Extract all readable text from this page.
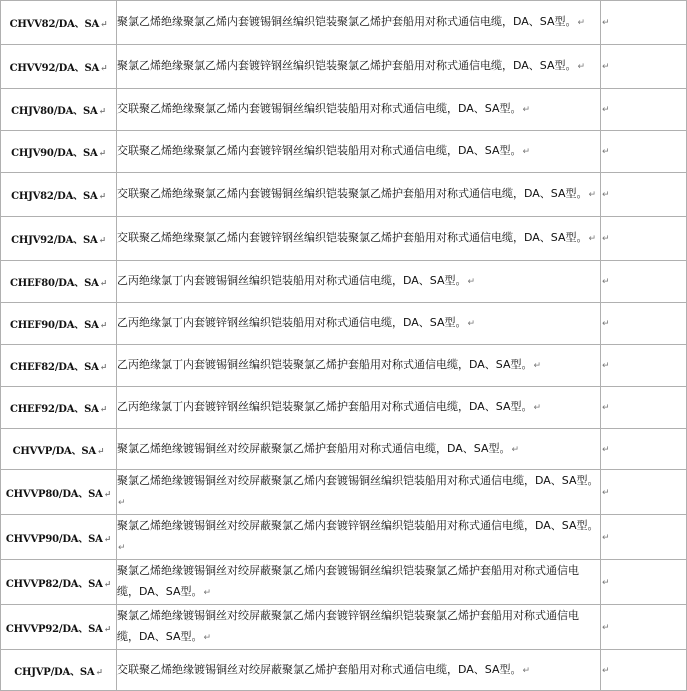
CHVV82/DA、SA↵	聚氯乙烯绝缘聚氯乙烯内套镀锡铜丝编织铠装聚氯乙烯护套船用对称式通信电缆，DA、SA型。↵	↵
CHVV92/DA、SA↵	聚氯乙烯绝缘聚氯乙烯内套镀锌钢丝编织铠装聚氯乙烯护套船用对称式通信电缆，DA、SA型。↵	↵
CHJV80/DA、SA↵	交联聚乙烯绝缘聚氯乙烯内套镀锡铜丝编织铠装船用对称式通信电缆，DA、SA型。↵	↵
CHJV90/DA、SA↵	交联聚乙烯绝缘聚氯乙烯内套镀锌钢丝编织铠装船用对称式通信电缆，DA、SA型。↵	↵
CHJV82/DA、SA↵	交联聚乙烯绝缘聚氯乙烯内套镀锡铜丝编织铠装聚氯乙烯护套船用对称式通信电缆，DA、SA型。↵	↵
CHJV92/DA、SA↵	交联聚乙烯绝缘聚氯乙烯内套镀锌钢丝编织铠装聚氯乙烯护套船用对称式通信电缆，DA、SA型。↵	↵
CHEF80/DA、SA↵	乙丙绝缘氯丁内套镀锡铜丝编织铠装船用对称式通信电缆，DA、SA型。↵	↵
CHEF90/DA、SA↵	乙丙绝缘氯丁内套镀锌钢丝编织铠装船用对称式通信电缆，DA、SA型。↵	↵
CHEF82/DA、SA↵	乙丙绝缘氯丁内套镀锡铜丝编织铠装聚氯乙烯护套船用对称式通信电缆，DA、SA型。↵	↵
CHEF92/DA、SA↵	乙丙绝缘氯丁内套镀锌钢丝编织铠装聚氯乙烯护套船用对称式通信电缆，DA、SA型。↵	↵
CHVVP/DA、SA↵	聚氯乙烯绝缘镀锡铜丝对绞屏蔽聚氯乙烯护套船用对称式通信电缆，DA、SA型。↵	↵
CHVVP80/DA、SA↵	聚氯乙烯绝缘镀锡铜丝对绞屏蔽聚氯乙烯内套镀锡铜丝编织铠装船用对称式通信电缆，DA、SA型。↵	↵
CHVVP90/DA、SA↵	聚氯乙烯绝缘镀锡铜丝对绞屏蔽聚氯乙烯内套镀锌钢丝编织铠装船用对称式通信电缆，DA、SA型。↵	↵
CHVVP82/DA、SA↵	聚氯乙烯绝缘镀锡铜丝对绞屏蔽聚氯乙烯内套镀锡铜丝编织铠装聚氯乙烯护套船用对称式通信电缆，DA、SA型。↵	↵
CHVVP92/DA、SA↵	聚氯乙烯绝缘镀锡铜丝对绞屏蔽聚氯乙烯内套镀锌钢丝编织铠装聚氯乙烯护套船用对称式通信电缆，DA、SA型。↵	↵
CHJVP/DA、SA↵	交联聚乙烯绝缘镀锡铜丝对绞屏蔽聚氯乙烯护套船用对称式通信电缆，DA、SA型。↵	↵
